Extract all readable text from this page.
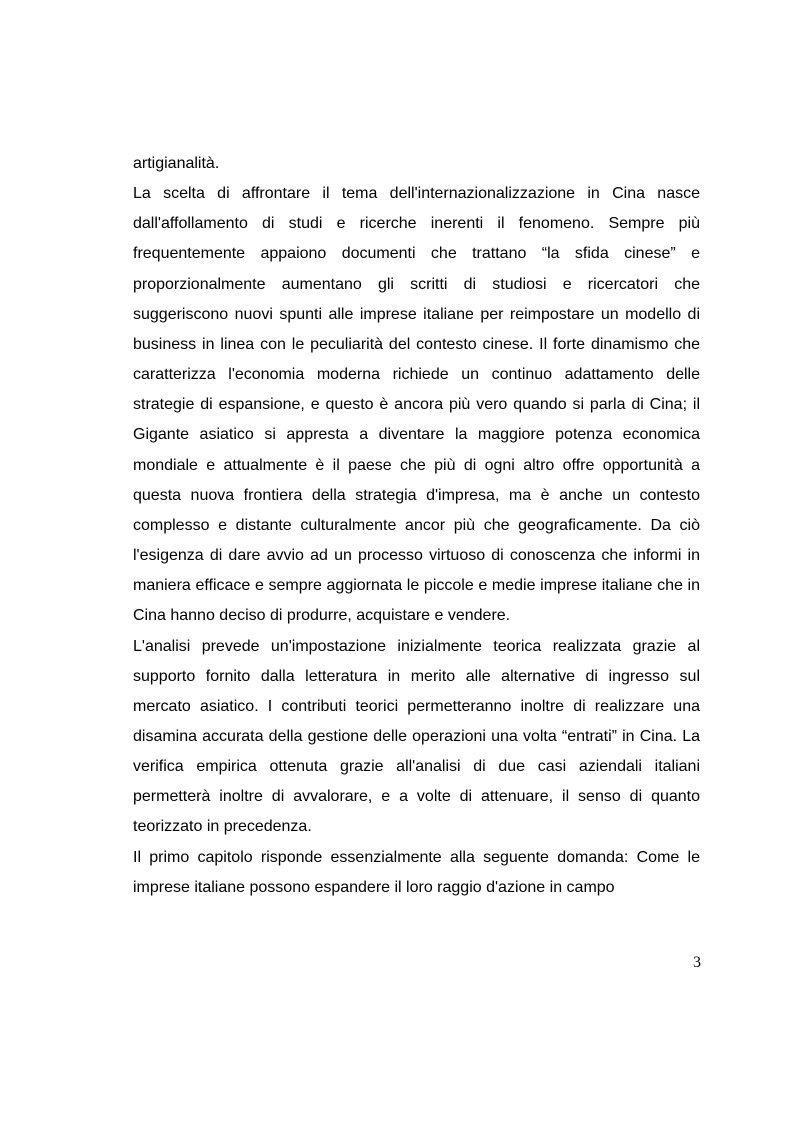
artigianalità.

La scelta di affrontare il tema dell'internazionalizzazione in Cina nasce dall'affollamento di studi e ricerche inerenti il fenomeno. Sempre più frequentemente appaiono documenti che trattano “la sfida cinese” e proporzionalmente aumentano gli scritti di studiosi e ricercatori che suggeriscono nuovi spunti alle imprese italiane per reimpostare un modello di business in linea con le peculiarità del contesto cinese. Il forte dinamismo che caratterizza l'economia moderna richiede un continuo adattamento delle strategie di espansione, e questo è ancora più vero quando si parla di Cina; il Gigante asiatico si appresta a diventare la maggiore potenza economica mondiale e attualmente è il paese che più di ogni altro offre opportunità a questa nuova frontiera della strategia d'impresa, ma è anche un contesto complesso e distante culturalmente ancor più che geograficamente. Da ciò l'esigenza di dare avvio ad un processo virtuoso di conoscenza che informi in maniera efficace e sempre aggiornata le piccole e medie imprese italiane che in Cina hanno deciso di produrre, acquistare e vendere.

L'analisi prevede un'impostazione inizialmente teorica realizzata grazie al supporto fornito dalla letteratura in merito alle alternative di ingresso sul mercato asiatico. I contributi teorici permetteranno inoltre di realizzare una disamina accurata della gestione delle operazioni una volta “entrati” in Cina. La verifica empirica ottenuta grazie all'analisi di due casi aziendali italiani permetterà inoltre di avvalorare, e a volte di attenuare, il senso di quanto teorizzato in precedenza.

Il primo capitolo risponde essenzialmente alla seguente domanda: Come le imprese italiane possono espandere il loro raggio d'azione in campo

3
